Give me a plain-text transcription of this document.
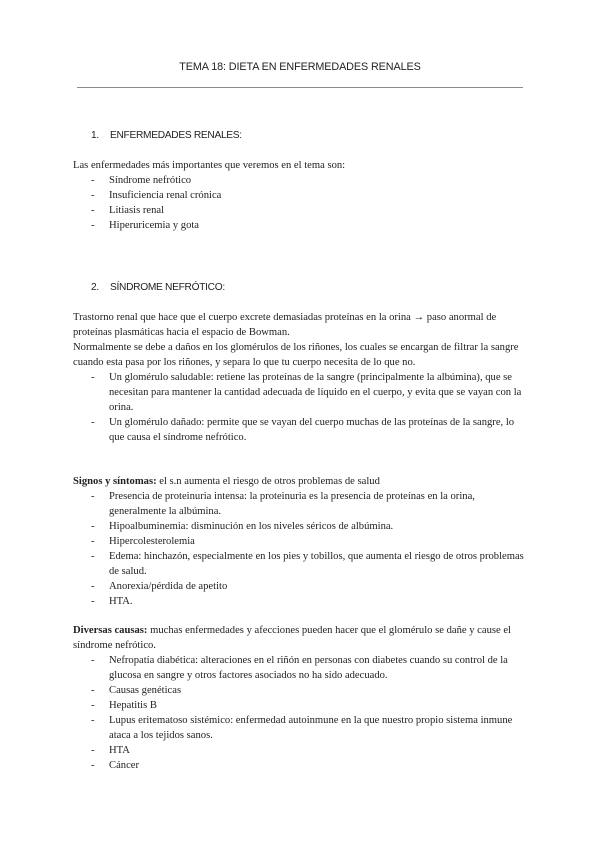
TEMA 18: DIETA EN ENFERMEDADES RENALES
1. ENFERMEDADES RENALES:
Las enfermedades más importantes que veremos en el tema son:
- Síndrome nefrótico
- Insuficiencia renal crónica
- Litiasis renal
- Hiperuricemia y gota
2. SÍNDROME NEFRÓTICO:
Trastorno renal que hace que el cuerpo excrete demasiadas proteínas en la orina → paso anormal de proteínas plasmáticas hacia el espacio de Bowman.
Normalmente se debe a daños en los glomérulos de los riñones, los cuales se encargan de filtrar la sangre cuando esta pasa por los riñones, y separa lo que tu cuerpo necesita de lo que no.
- Un glomérulo saludable: retiene las proteínas de la sangre (principalmente la albúmina), que se necesitan para mantener la cantidad adecuada de líquido en el cuerpo, y evita que se vayan con la orina.
- Un glomérulo dañado: permite que se vayan del cuerpo muchas de las proteínas de la sangre, lo que causa el síndrome nefrótico.
Signos y síntomas: el s.n aumenta el riesgo de otros problemas de salud
- Presencia de proteinuria intensa: la proteinuria es la presencia de proteínas en la orina, generalmente la albúmina.
- Hipoalbuminemia: disminución en los niveles séricos de albúmina.
- Hipercolesterolemia
- Edema: hinchazón, especialmente en los pies y tobillos, que aumenta el riesgo de otros problemas de salud.
- Anorexia/pérdida de apetito
- HTA.
Diversas causas: muchas enfermedades y afecciones pueden hacer que el glomérulo se dañe y cause el síndrome nefrótico.
- Nefropatía diabética: alteraciones en el riñón en personas con diabetes cuando su control de la glucosa en sangre y otros factores asociados no ha sido adecuado.
- Causas genéticas
- Hepatitis B
- Lupus eritematoso sistémico: enfermedad autoinmune en la que nuestro propio sistema inmune ataca a los tejidos sanos.
- HTA
- Cáncer
